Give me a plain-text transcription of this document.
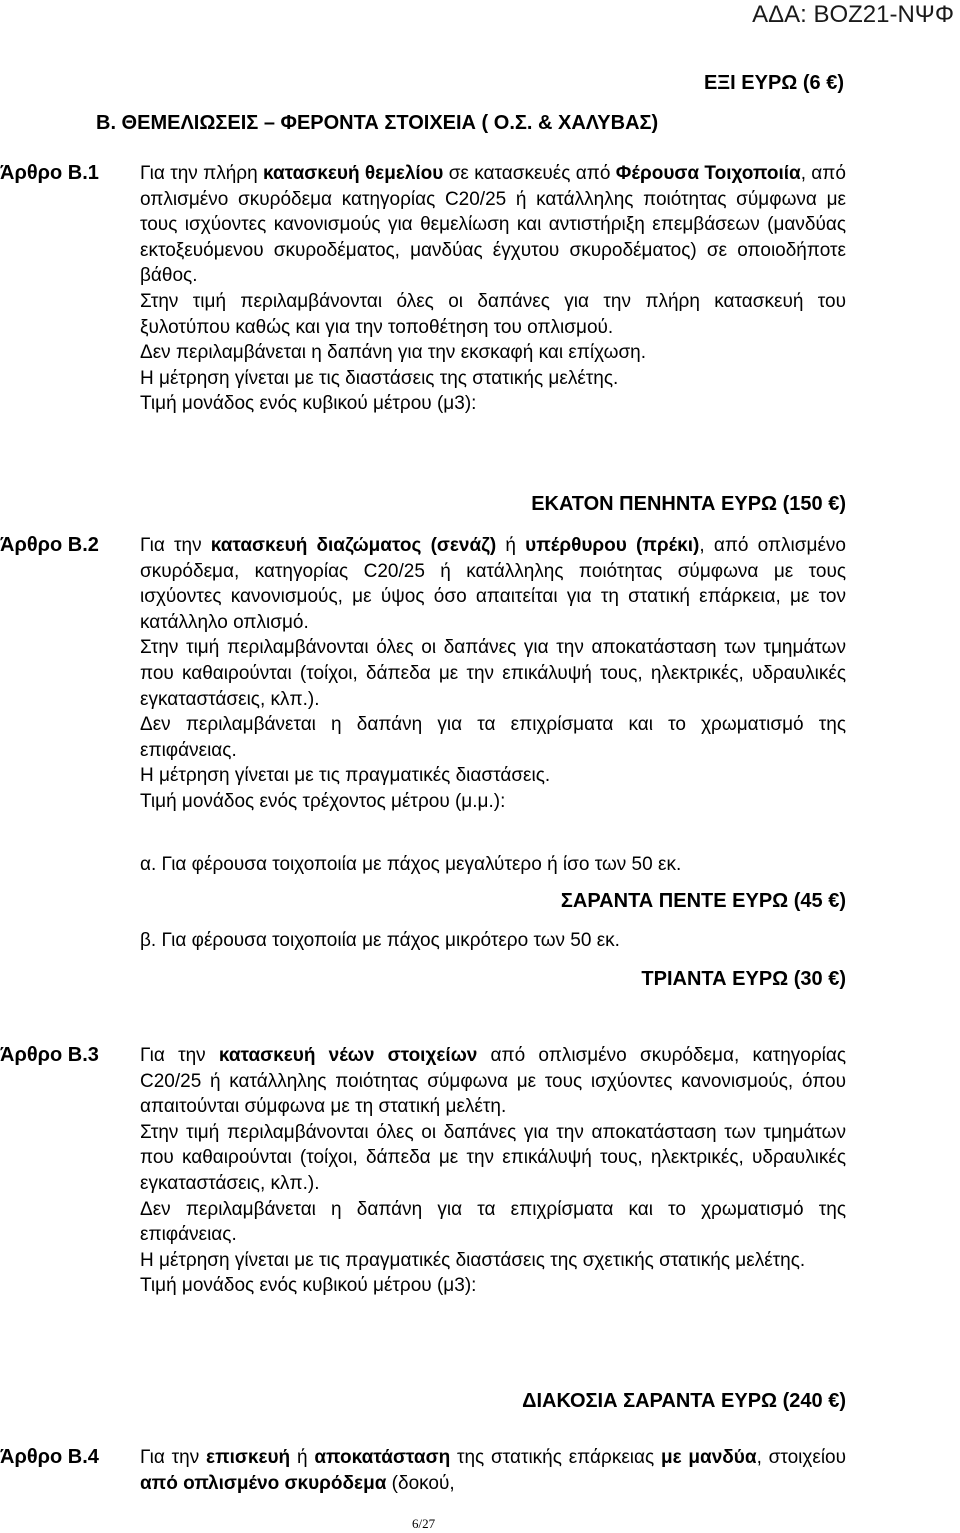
ΑΔΑ: ΒΟΖ21-ΝΨΦ
ΕΞΙ ΕΥΡΩ (6 €)
Β. ΘΕΜΕΛΙΩΣΕΙΣ – ΦΕΡΟΝΤΑ ΣΤΟΙΧΕΙΑ ( Ο.Σ. & ΧΑΛΥΒΑΣ)
Άρθρο Β.1 Για την πλήρη κατασκευή θεμελίου σε κατασκευές από Φέρουσα Τοιχοποιία, από οπλισμένο σκυρόδεμα κατηγορίας C20/25 ή κατάλληλης ποιότητας σύμφωνα με τους ισχύοντες κανονισμούς για θεμελίωση και αντιστήριξη επεμβάσεων (μανδύας εκτοξευόμενου σκυροδέματος, μανδύας έγχυτου σκυροδέματος) σε οποιοδήποτε βάθος.

Στην τιμή περιλαμβάνονται όλες οι δαπάνες για την πλήρη κατασκευή του ξυλοτύπου καθώς και για την τοποθέτηση του οπλισμού.

Δεν περιλαμβάνεται η δαπάνη για την εκσκαφή και επίχωση.

Η μέτρηση γίνεται με τις διαστάσεις της στατικής μελέτης.

Τιμή μονάδος ενός κυβικού μέτρου (μ3):

ΕΚΑΤΟΝ ΠΕΝΗΝΤΑ ΕΥΡΩ (150 €)
Άρθρο Β.2 Για την κατασκευή διαζώματος (σενάζ) ή υπέρθυρου (πρέκι), από οπλισμένο σκυρόδεμα, κατηγορίας C20/25 ή κατάλληλης ποιότητας σύμφωνα με τους ισχύοντες κανονισμούς, με ύψος όσο απαιτείται για τη στατική επάρκεια, με τον κατάλληλο οπλισμό.

Στην τιμή περιλαμβάνονται όλες οι δαπάνες για την αποκατάσταση των τμημάτων που καθαιρούνται (τοίχοι, δάπεδα με την επικάλυψή τους, ηλεκτρικές, υδραυλικές εγκαταστάσεις, κλπ.).

Δεν περιλαμβάνεται η δαπάνη για τα επιχρίσματα και το χρωματισμό της επιφάνειας.

Η μέτρηση γίνεται με τις πραγματικές διαστάσεις.

Τιμή μονάδος ενός τρέχοντος μέτρου (μ.μ.):

α. Για φέρουσα τοιχοποιία με πάχος μεγαλύτερο ή ίσο των 50 εκ.
ΣΑΡΑΝΤΑ ΠΕΝΤΕ ΕΥΡΩ (45 €)
β. Για φέρουσα τοιχοποιία με πάχος μικρότερο των 50 εκ.
ΤΡΙΑΝΤΑ ΕΥΡΩ (30 €)
Άρθρο Β.3 Για την κατασκευή νέων στοιχείων από οπλισμένο σκυρόδεμα, κατηγορίας C20/25 ή κατάλληλης ποιότητας σύμφωνα με τους ισχύοντες κανονισμούς, όπου απαιτούνται σύμφωνα με τη στατική μελέτη.

Στην τιμή περιλαμβάνονται όλες οι δαπάνες για την αποκατάσταση των τμημάτων που καθαιρούνται (τοίχοι, δάπεδα με την επικάλυψή τους, ηλεκτρικές, υδραυλικές εγκαταστάσεις, κλπ.).

Δεν περιλαμβάνεται η δαπάνη για τα επιχρίσματα και το χρωματισμό της επιφάνειας.

Η μέτρηση γίνεται με τις πραγματικές διαστάσεις της σχετικής στατικής μελέτης.

Τιμή μονάδος ενός κυβικού μέτρου (μ3):

ΔΙΑΚΟΣΙΑ ΣΑΡΑΝΤΑ ΕΥΡΩ (240 €)
Άρθρο Β.4 Για την επισκευή ή αποκατάσταση της στατικής επάρκειας με μανδύα, στοιχείου από οπλισμένο σκυρόδεμα (δοκού,

6/27
